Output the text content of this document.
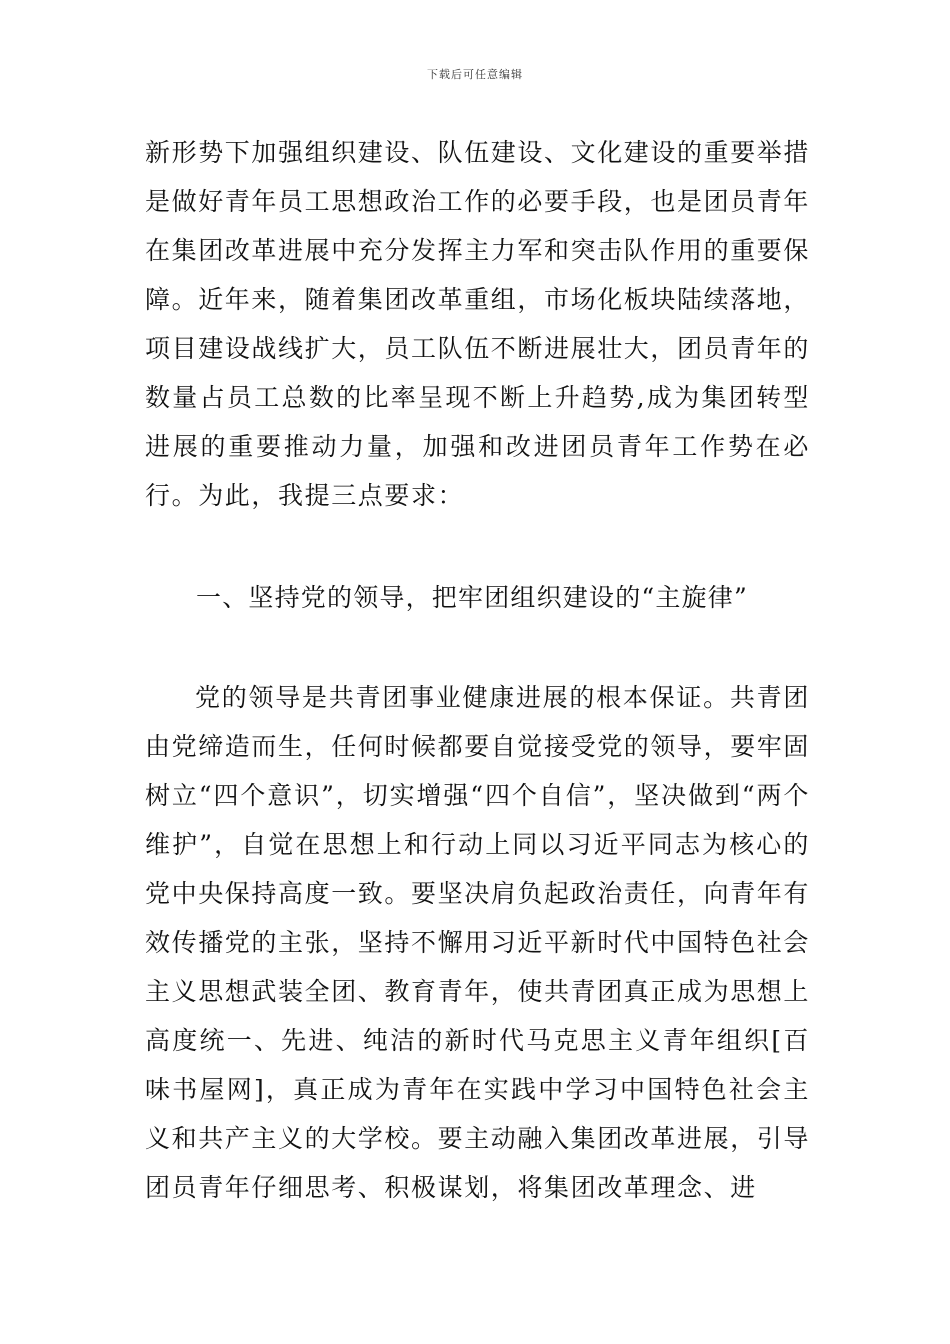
下载后可任意编辑

新形势下加强组织建设、队伍建设、文化建设的重要举措是做好青年员工思想政治工作的必要手段，也是团员青年在集团改革进展中充分发挥主力军和突击队作用的重要保障。近年来，随着集团改革重组，市场化板块陆续落地，项目建设战线扩大，员工队伍不断进展壮大，团员青年的数量占员工总数的比率呈现不断上升趋势,成为集团转型进展的重要推动力量，加强和改进团员青年工作势在必行。为此，我提三点要求：

一、坚持党的领导，把牢团组织建设的“主旋律”

党的领导是共青团事业健康进展的根本保证。共青团由党缔造而生，任何时候都要自觉接受党的领导，要牢固树立“四个意识”，切实增强“四个自信”，坚决做到“两个维护”，自觉在思想上和行动上同以习近平同志为核心的党中央保持高度一致。要坚决肩负起政治责任，向青年有效传播党的主张，坚持不懈用习近平新时代中国特色社会主义思想武装全团、教育青年，使共青团真正成为思想上高度统一、先进、纯洁的新时代马克思主义青年组织[百味书屋网]，真正成为青年在实践中学习中国特色社会主义和共产主义的大学校。要主动融入集团改革进展，引导团员青年仔细思考、积极谋划，将集团改革理念、进
